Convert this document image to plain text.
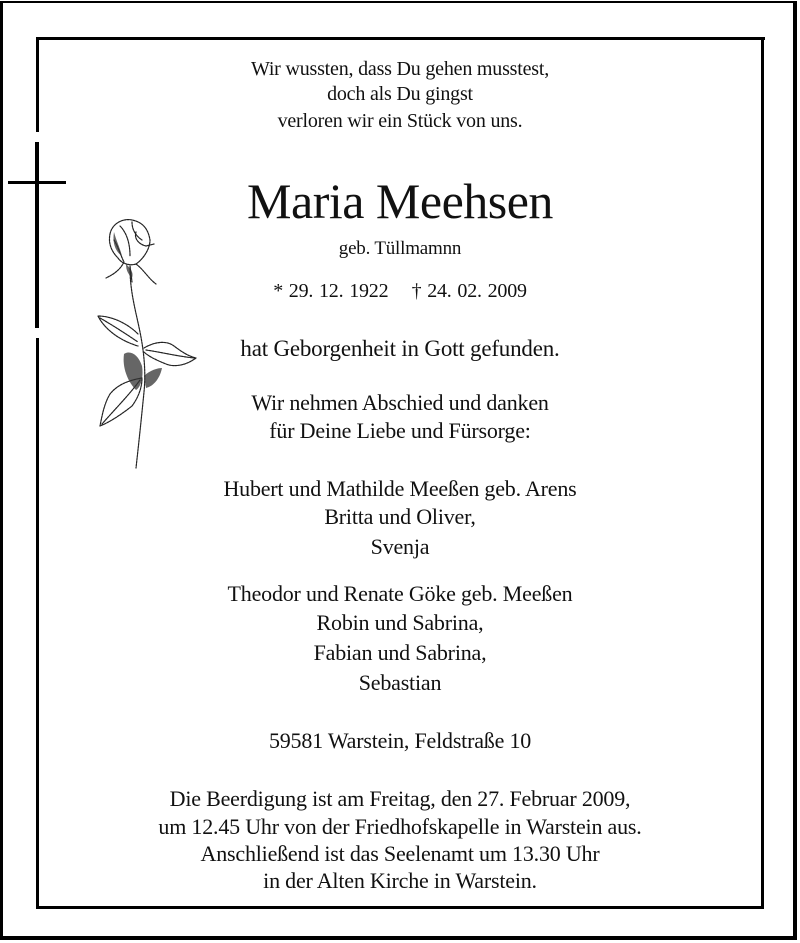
Wir wussten, dass Du gehen musstest,
doch als Du gingst
verloren wir ein Stück von uns.
Maria Meehsen
geb. Tüllmamnn
* 29. 12. 1922    † 24. 02. 2009
hat Geborgenheit in Gott gefunden.
Wir nehmen Abschied und danken
für Deine Liebe und Fürsorge:
Hubert und Mathilde Meeßen geb. Arens
Britta und Oliver,
Svenja
Theodor und Renate Göke geb. Meeßen
Robin und Sabrina,
Fabian und Sabrina,
Sebastian
59581 Warstein, Feldstraße 10
Die Beerdigung ist am Freitag, den 27. Februar 2009,
um 12.45 Uhr von der Friedhofskapelle in Warstein aus.
Anschließend ist das Seelenamt um 13.30 Uhr
in der Alten Kirche in Warstein.
